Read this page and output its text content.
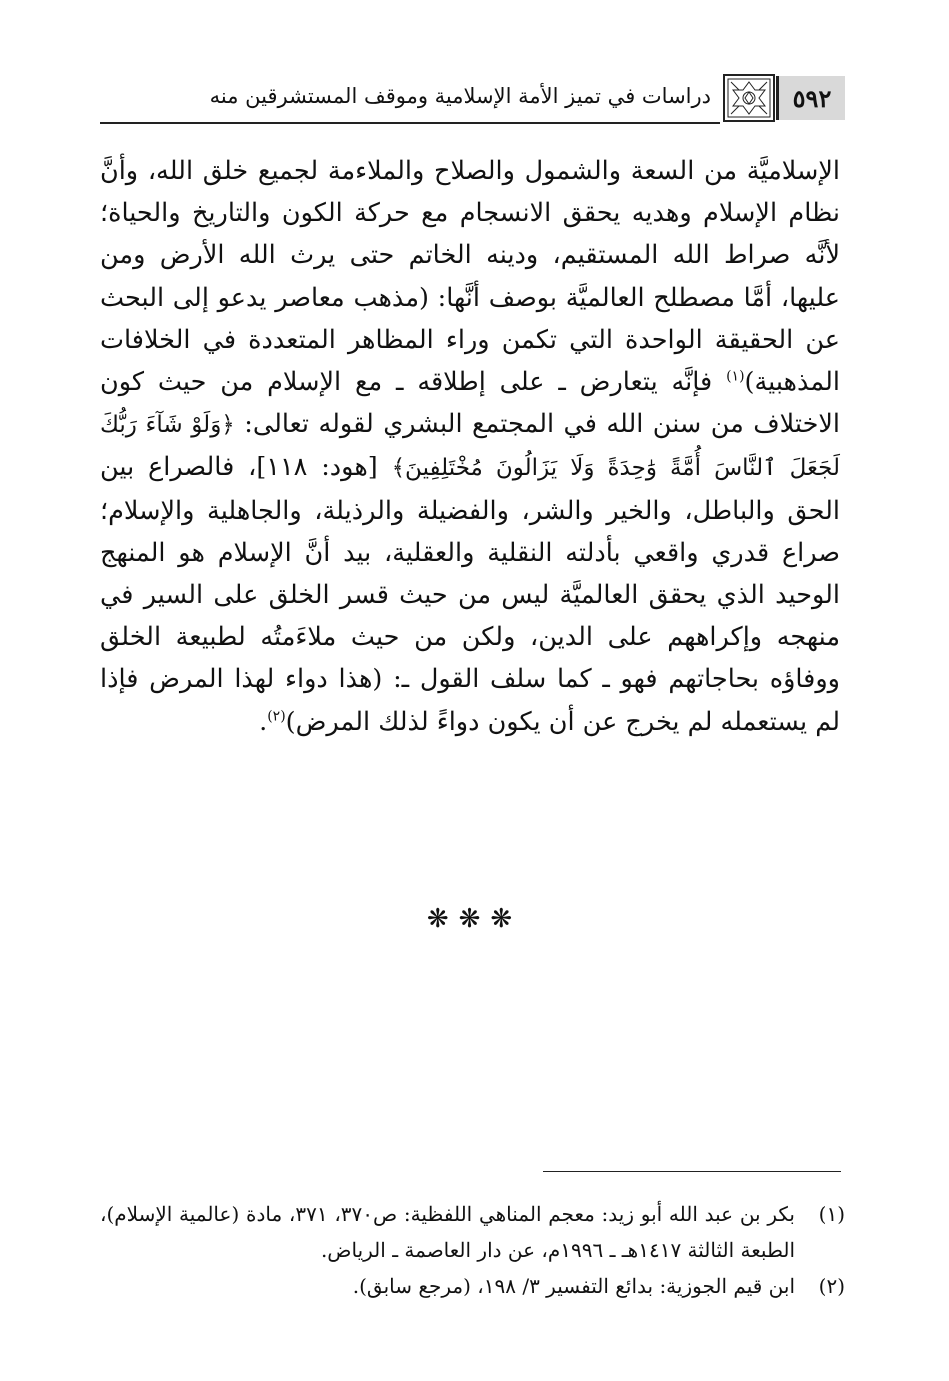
٥٩٢
دراسات في تميز الأمة الإسلامية وموقف المستشرقين منه

الإسلاميَّة من السعة والشمول والصلاح والملاءمة لجميع خلق الله، وأنَّ نظام الإسلام وهديه يحقق الانسجام مع حركة الكون والتاريخ والحياة؛ لأنَّه صراط الله المستقيم، ودينه الخاتم حتى يرث الله الأرض ومن عليها، أمَّا مصطلح العالميَّة بوصف أنَّها: (مذهب معاصر يدعو إلى البحث عن الحقيقة الواحدة التي تكمن وراء المظاهر المتعددة في الخلافات المذهبية)$^{(١)}$ فإنَّه يتعارض ـ على إطلاقه ـ مع الإسلام من حيث كون الاختلاف من سنن الله في المجتمع البشري لقوله تعالى: ﴿وَلَوْ شَآءَ رَبُّكَ لَجَعَلَ ٱلنَّاسَ أُمَّةً وَٰحِدَةً وَلَا يَزَالُونَ مُخْتَلِفِينَ﴾ [هود: ١١٨]، فالصراع بين الحق والباطل، والخير والشر، والفضيلة والرذيلة، والجاهلية والإسلام؛ صراع قدري واقعي بأدلته النقلية والعقلية، بيد أنَّ الإسلام هو المنهج الوحيد الذي يحقق العالميَّة ليس من حيث قسر الخلق على السير في منهجه وإكراههم على الدين، ولكن من حيث ملاءَمتُه لطبيعة الخلق ووفاؤه بحاجاتهم فهو ـ كما سلف القول ـ: (هذا دواء لهذا المرض فإذا لم يستعمله لم يخرج عن أن يكون دواءً لذلك المرض)$^{(٢)}$.

❋❋❋
(١)
بكر بن عبد الله أبو زيد: معجم المناهي اللفظية: ص٣٧٠، ٣٧١، مادة (عالمية الإسلام)، الطبعة الثالثة ١٤١٧هـ ـ ١٩٩٦م، عن دار العاصمة ـ الرياض.
(٢)
ابن قيم الجوزية: بدائع التفسير ٣/ ١٩٨، (مرجع سابق).
